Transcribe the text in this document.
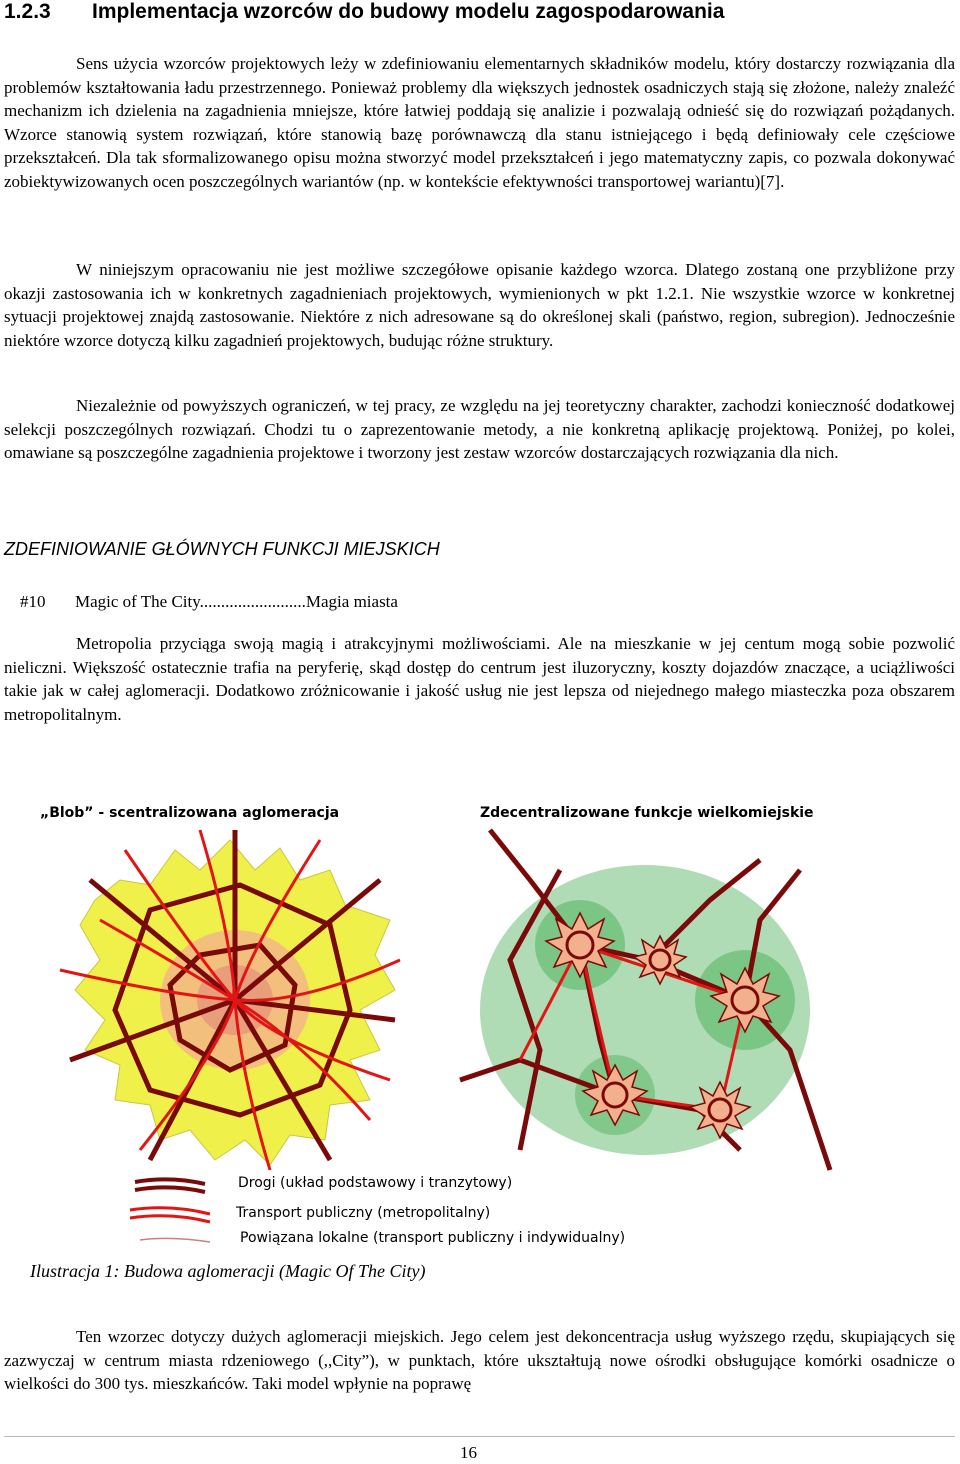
1.2.3 Implementacja wzorców do budowy modelu zagospodarowania

Sens użycia wzorców projektowych leży w zdefiniowaniu elementarnych składników modelu, który dostarczy rozwiązania dla problemów kształtowania ładu przestrzennego. Ponieważ problemy dla większych jednostek osadniczych stają się złożone, należy znaleźć mechanizm ich dzielenia na zagadnienia mniejsze, które łatwiej poddają się analizie i pozwalają odnieść się do rozwiązań pożądanych. Wzorce stanowią system rozwiązań, które stanowią bazę porównawczą dla stanu istniejącego i będą definiowały cele częściowe przekształceń. Dla tak sformalizowanego opisu można stworzyć model przekształceń i jego matematyczny zapis, co pozwala dokonywać zobiektywizowanych ocen poszczególnych wariantów (np. w kontekście efektywności transportowej wariantu)[7].

W niniejszym opracowaniu nie jest możliwe szczegółowe opisanie każdego wzorca. Dlatego zostaną one przybliżone przy okazji zastosowania ich w konkretnych zagadnieniach projektowych, wymienionych w pkt 1.2.1. Nie wszystkie wzorce w konkretnej sytuacji projektowej znajdą zastosowanie. Niektóre z nich adresowane są do określonej skali (państwo, region, subregion). Jednocześnie niektóre wzorce dotyczą kilku zagadnień projektowych, budując różne struktury.

Niezależnie od powyższych ograniczeń, w tej pracy, ze względu na jej teoretyczny charakter, zachodzi konieczność dodatkowej selekcji poszczególnych rozwiązań. Chodzi tu o zaprezentowanie metody, a nie konkretną aplikację projektową. Poniżej, po kolei, omawiane są poszczególne zagadnienia projektowe i tworzony jest zestaw wzorców dostarczających rozwiązania dla nich.

ZDEFINIOWANIE GŁÓWNYCH FUNKCJI MIEJSKICH

#10 Magic of The City.........................Magia miasta

Metropolia przyciąga swoją magią i atrakcyjnymi możliwościami. Ale na mieszkanie w jej centum mogą sobie pozwolić nieliczni. Większość ostatecznie trafia na peryferię, skąd dostęp do centrum jest iluzoryczny, koszty dojazdów znaczące, a uciążliwości takie jak w całej aglomeracji. Dodatkowo zróżnicowanie i jakość usług nie jest lepsza od niejednego małego miasteczka poza obszarem metropolitalnym.

„Blob” - scentralizowana aglomeracja	Zdecentralizowane funkcje wielkomiejskie

Drogi (układ podstawowy i tranzytowy)

Transport publiczny (metropolitalny)

Powiązana lokalne (transport publiczny i indywidualny)

Ilustracja 1: Budowa aglomeracji (Magic Of The City)

Ten wzorzec dotyczy dużych aglomeracji miejskich. Jego celem jest dekoncentracja usług wyższego rzędu, skupiających się zazwyczaj w centrum miasta rdzeniowego (,,City”), w punktach, które ukształtują nowe ośrodki obsługujące komórki osadnicze o wielkości do 300 tys. mieszkańców. Taki model wpłynie na poprawę

16
